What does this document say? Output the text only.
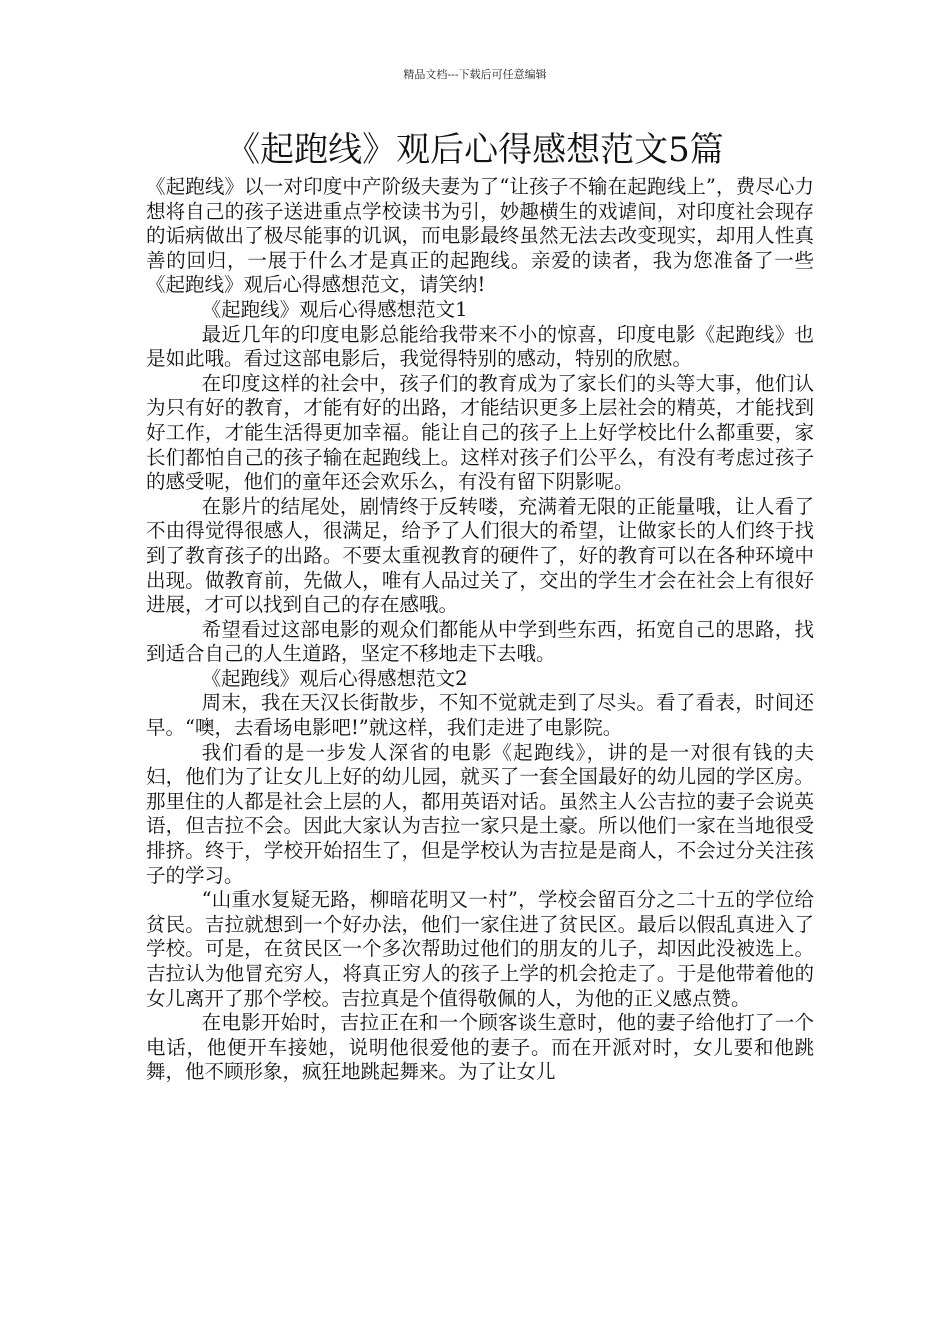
精品文档---下载后可任意编辑
《起跑线》观后心得感想范文5篇

《起跑线》以一对印度中产阶级夫妻为了“让孩子不输在起跑线上”，费尽心力想将自己的孩子送进重点学校读书为引，妙趣横生的戏谑间，对印度社会现存的诟病做出了极尽能事的讥讽，而电影最终虽然无法去改变现实，却用人性真善的回归，一展于什么才是真正的起跑线。亲爱的读者，我为您准备了一些《起跑线》观后心得感想范文，请笑纳!

《起跑线》观后心得感想范文1

最近几年的印度电影总能给我带来不小的惊喜，印度电影《起跑线》也是如此哦。看过这部电影后，我觉得特别的感动，特别的欣慰。

在印度这样的社会中，孩子们的教育成为了家长们的头等大事，他们认为只有好的教育，才能有好的出路，才能结识更多上层社会的精英，才能找到好工作，才能生活得更加幸福。能让自己的孩子上上好学校比什么都重要，家长们都怕自己的孩子输在起跑线上。这样对孩子们公平么，有没有考虑过孩子的感受呢，他们的童年还会欢乐么，有没有留下阴影呢。

在影片的结尾处，剧情终于反转喽，充满着无限的正能量哦，让人看了不由得觉得很感人，很满足，给予了人们很大的希望，让做家长的人们终于找到了教育孩子的出路。不要太重视教育的硬件了，好的教育可以在各种环境中出现。做教育前，先做人，唯有人品过关了，交出的学生才会在社会上有很好进展，才可以找到自己的存在感哦。

希望看过这部电影的观众们都能从中学到些东西，拓宽自己的思路，找到适合自己的人生道路，坚定不移地走下去哦。

《起跑线》观后心得感想范文2

周末，我在天汉长街散步，不知不觉就走到了尽头。看了看表，时间还早。“噢，去看场电影吧!”就这样，我们走进了电影院。

我们看的是一步发人深省的电影《起跑线》，讲的是一对很有钱的夫妇，他们为了让女儿上好的幼儿园，就买了一套全国最好的幼儿园的学区房。那里住的人都是社会上层的人，都用英语对话。虽然主人公吉拉的妻子会说英语，但吉拉不会。因此大家认为吉拉一家只是土豪。所以他们一家在当地很受排挤。终于，学校开始招生了，但是学校认为吉拉是是商人，不会过分关注孩子的学习。

“山重水复疑无路，柳暗花明又一村”，学校会留百分之二十五的学位给贫民。吉拉就想到一个好办法，他们一家住进了贫民区。最后以假乱真进入了学校。可是，在贫民区一个多次帮助过他们的朋友的儿子，却因此没被选上。吉拉认为他冒充穷人，将真正穷人的孩子上学的机会抢走了。于是他带着他的女儿离开了那个学校。吉拉真是个值得敬佩的人，为他的正义感点赞。

在电影开始时，吉拉正在和一个顾客谈生意时，他的妻子给他打了一个电话，他便开车接她，说明他很爱他的妻子。而在开派对时，女儿要和他跳舞，他不顾形象，疯狂地跳起舞来。为了让女儿
